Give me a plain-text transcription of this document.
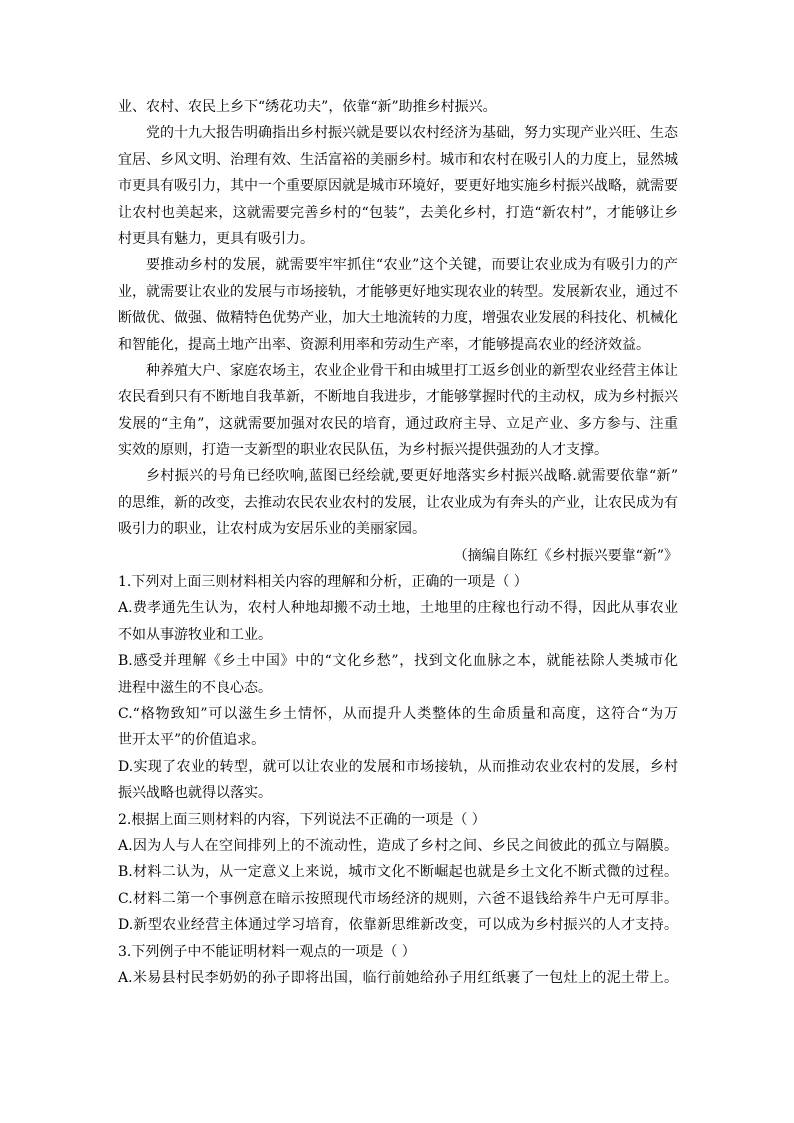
业、农村、农民上乡下“绣花功夫”，依靠“新”助推乡村振兴。
党的十九大报告明确指出乡村振兴就是要以农村经济为基础，努力实现产业兴旺、生态
宜居、乡风文明、治理有效、生活富裕的美丽乡村。城市和农村在吸引人的力度上，显然城
市更具有吸引力，其中一个重要原因就是城市环境好，要更好地实施乡村振兴战略，就需要
让农村也美起来，这就需要完善乡村的“包装”，去美化乡村，打造“新农村”，才能够让乡
村更具有魅力，更具有吸引力。
要推动乡村的发展，就需要牢牢抓住“农业”这个关键，而要让农业成为有吸引力的产
业，就需要让农业的发展与市场接轨，才能够更好地实现农业的转型。发展新农业，通过不
断做优、做强、做精特色优势产业，加大土地流转的力度，增强农业发展的科技化、机械化
和智能化，提高土地产出率、资源利用率和劳动生产率，才能够提高农业的经济效益。
种养殖大户、家庭农场主，农业企业骨干和由城里打工返乡创业的新型农业经营主体让
农民看到只有不断地自我革新，不断地自我进步，才能够掌握时代的主动权，成为乡村振兴
发展的“主角”，这就需要加强对农民的培育，通过政府主导、立足产业、多方参与、注重
实效的原则，打造一支新型的职业农民队伍，为乡村振兴提供强劲的人才支撑。
乡村振兴的号角已经吹响,蓝图已经绘就,要更好地落实乡村振兴战略.就需要依靠“新”
的思维，新的改变，去推动农民农业农村的发展，让农业成为有奔头的产业，让农民成为有
吸引力的职业，让农村成为安居乐业的美丽家园。
（摘编自陈红《乡村振兴要靠“新”》
1.下列对上面三则材料相关内容的理解和分析，正确的一项是（ ）
A.费孝通先生认为，农村人种地却搬不动土地，土地里的庄稼也行动不得，因此从事农业
不如从事游牧业和工业。
B.感受并理解《乡土中国》中的“文化乡愁”，找到文化血脉之本，就能祛除人类城市化
进程中滋生的不良心态。
C.“格物致知”可以滋生乡土情怀，从而提升人类整体的生命质量和高度，这符合“为万
世开太平”的价值追求。
D.实现了农业的转型，就可以让农业的发展和市场接轨，从而推动农业农村的发展，乡村
振兴战略也就得以落实。
2.根据上面三则材料的内容，下列说法不正确的一项是（ ）
A.因为人与人在空间排列上的不流动性，造成了乡村之间、乡民之间彼此的孤立与隔膜。
B.材料二认为，从一定意义上来说，城市文化不断崛起也就是乡土文化不断式微的过程。
C.材料二第一个事例意在暗示按照现代市场经济的规则，六爸不退钱给养牛户无可厚非。
D.新型农业经营主体通过学习培育，依靠新思维新改变，可以成为乡村振兴的人才支持。
3.下列例子中不能证明材料一观点的一项是（ ）
A.米易县村民李奶奶的孙子即将出国，临行前她给孙子用红纸裹了一包灶上的泥土带上。
